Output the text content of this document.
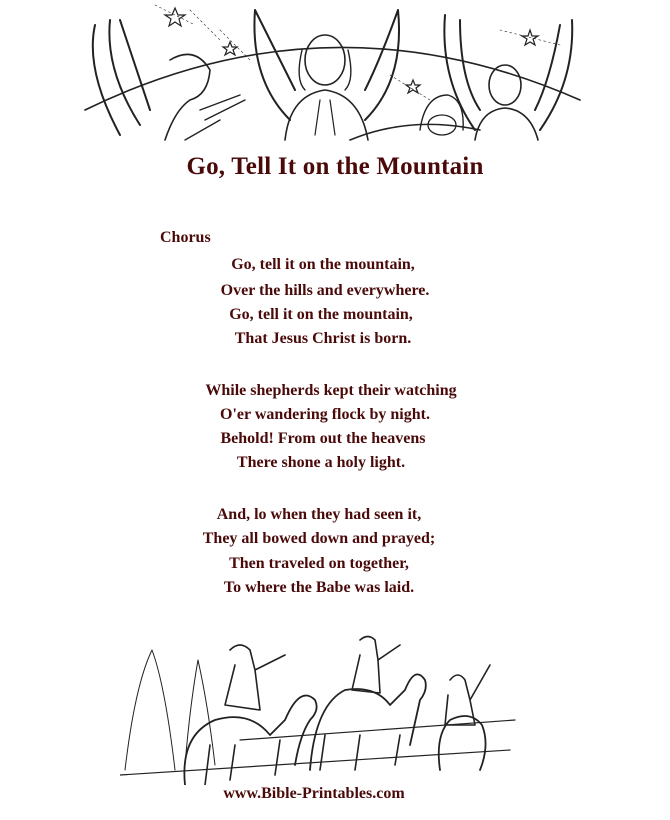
Go, Tell It on the Mountain
Chorus
Go, tell it on the mountain,
Over the hills and everywhere.
Go, tell it on the mountain,
That Jesus Christ is born.
While shepherds kept their watching
O'er wandering flock by night.
Behold! From out the heavens
There shone a holy light.
And, lo when they had seen it,
They all bowed down and prayed;
Then traveled on together,
To where the Babe was laid.
www.Bible-Printables.com
